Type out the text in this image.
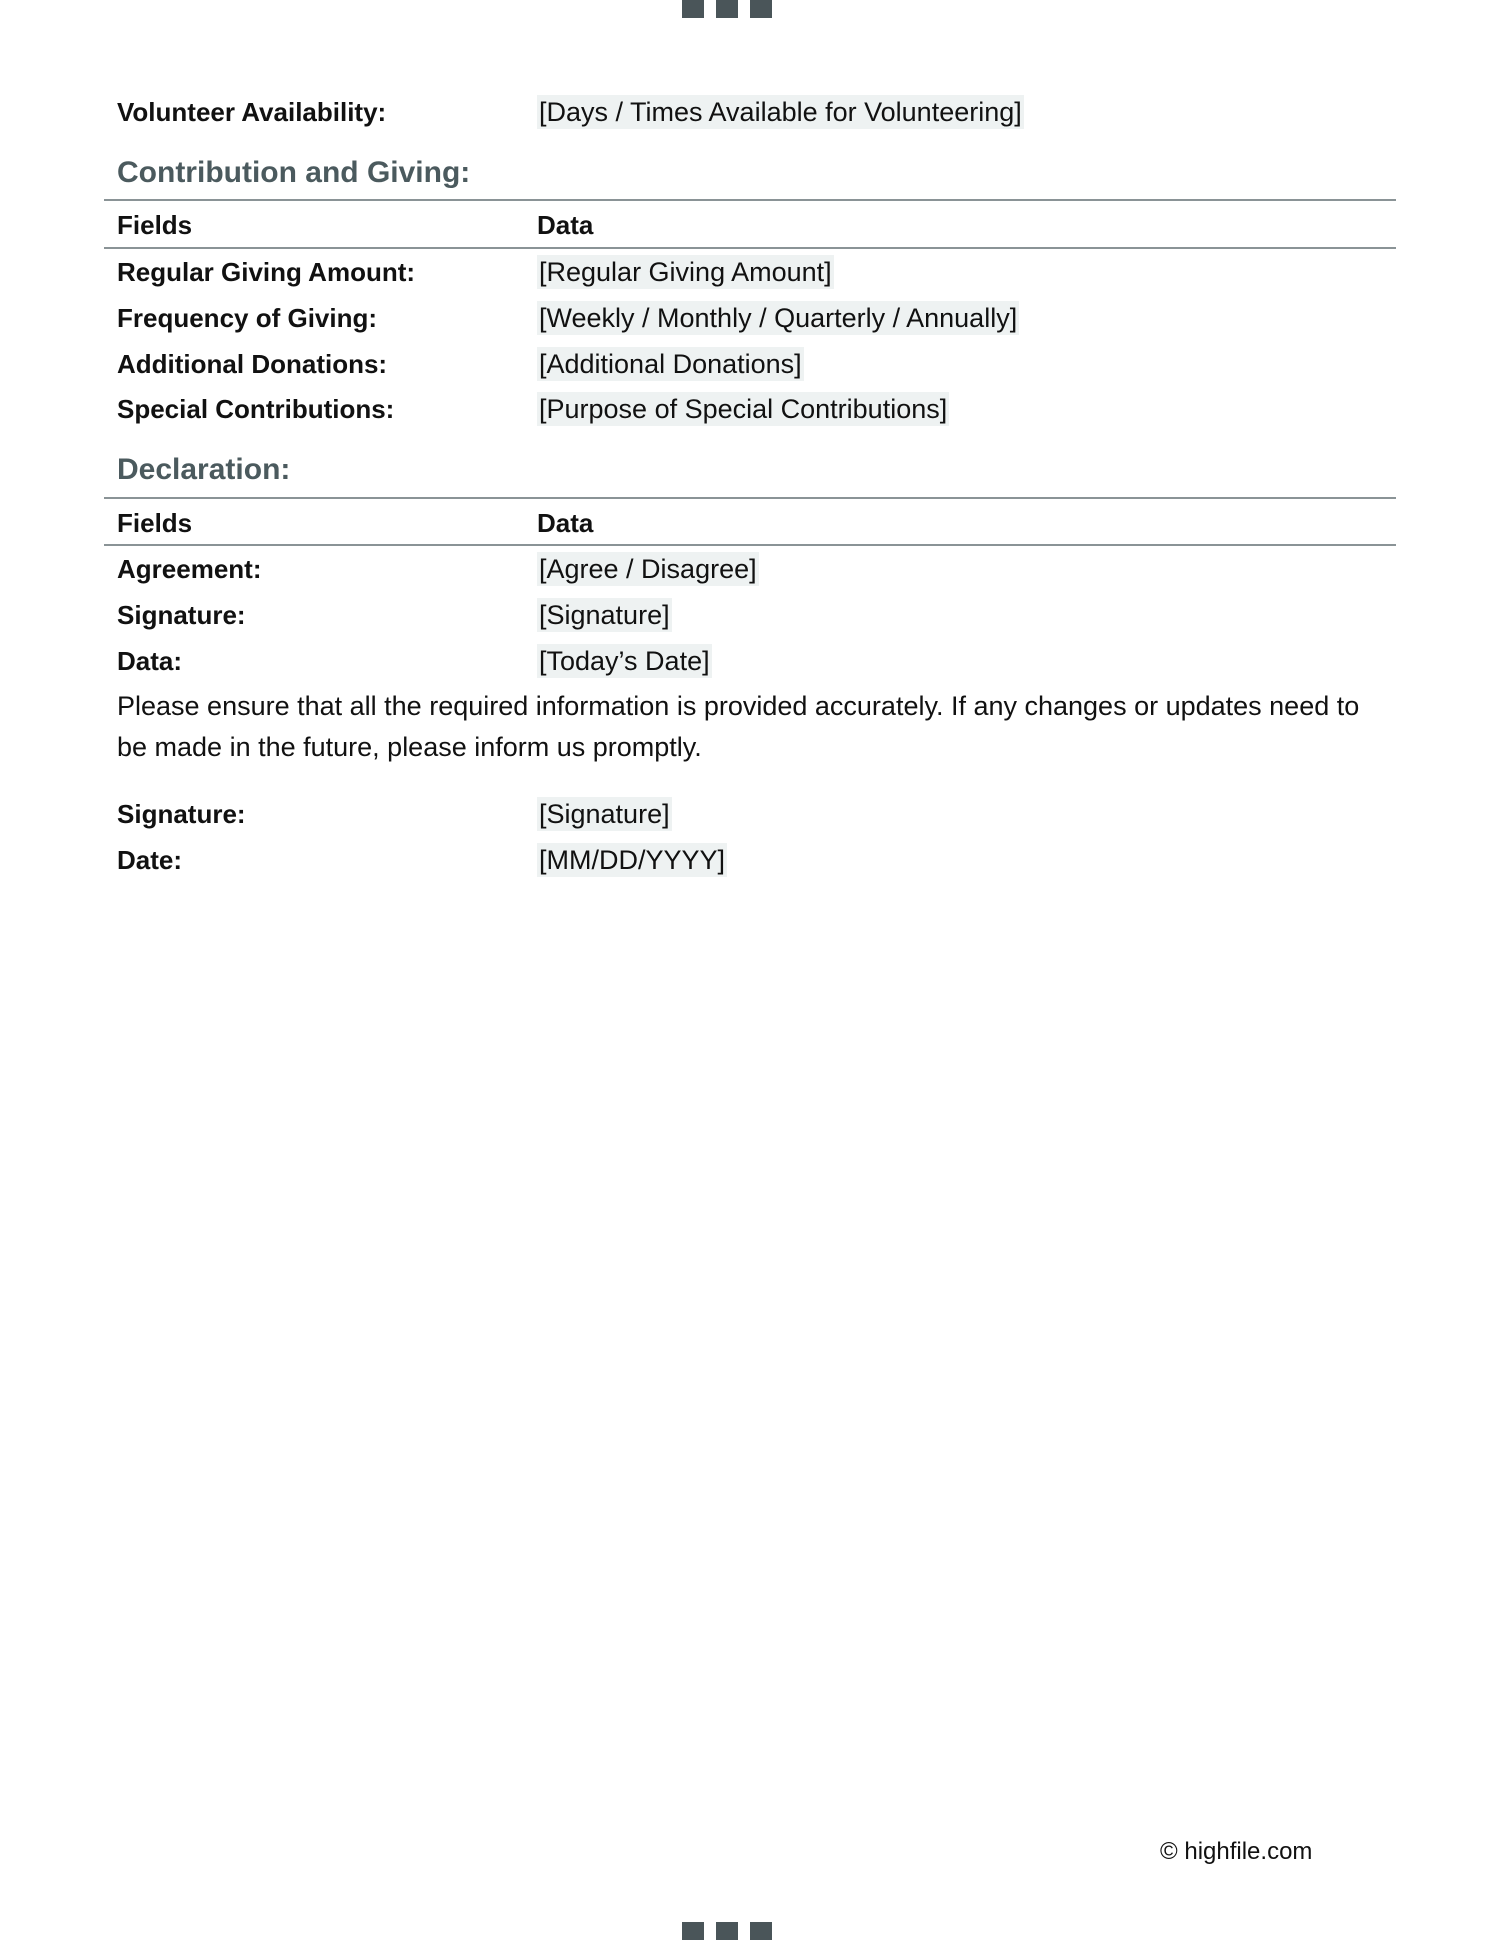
Volunteer Availability:	[Days / Times Available for Volunteering]
Contribution and Giving:
Fields	Data
Regular Giving Amount:	[Regular Giving Amount]
Frequency of Giving:	[Weekly / Monthly / Quarterly / Annually]
Additional Donations:	[Additional Donations]
Special Contributions:	[Purpose of Special Contributions]
Declaration:
Fields	Data
Agreement:	[Agree / Disagree]
Signature:	[Signature]
Data:	[Today’s Date]
Please ensure that all the required information is provided accurately. If any changes or updates need to be made in the future, please inform us promptly.
Signature:	[Signature]
Date:	[MM/DD/YYYY]
© highfile.com
